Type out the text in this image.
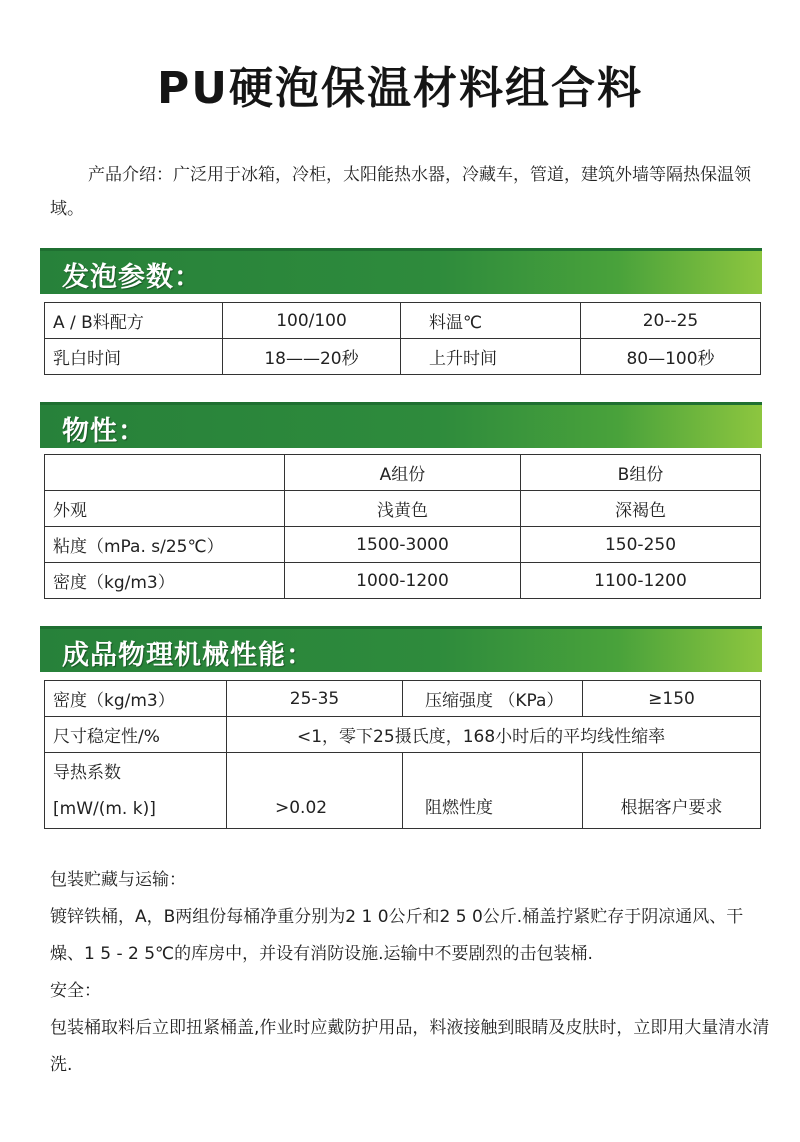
PU硬泡保温材料组合料
产品介绍：广泛用于冰箱，冷柜，太阳能热水器，冷藏车，管道，建筑外墙等隔热保温领域。
发泡参数：
A / B料配方	100/100	料温℃	20--25
乳白时间	18——20秒	上升时间	80—100秒
物性：
	A组份	B组份
外观	浅黄色	深褐色
粘度（mPa. s/25℃）	1500-3000	150-250
密度（kg/m3）	1000-1200	1100-1200
成品物理机械性能：
密度（kg/m3）	25-35	压缩强度 （KPa）	≥150
尺寸稳定性/%	<1，零下25摄氏度，168小时后的平均线性缩率		

导热系数
[mW/(m. k)]	>0.02	阻燃性度	根据客户要求

包装贮藏与运输：

镀锌铁桶，A，B两组份每桶净重分别为2 1 0公斤和2 5 0公斤.桶盖拧紧贮存于阴凉通风、干燥、1 5 - 2 5℃的库房中，并设有消防设施.运输中不要剧烈的击包装桶.

安全：

包装桶取料后立即扭紧桶盖,作业时应戴防护用品，料液接触到眼睛及皮肤时，立即用大量清水清洗.
